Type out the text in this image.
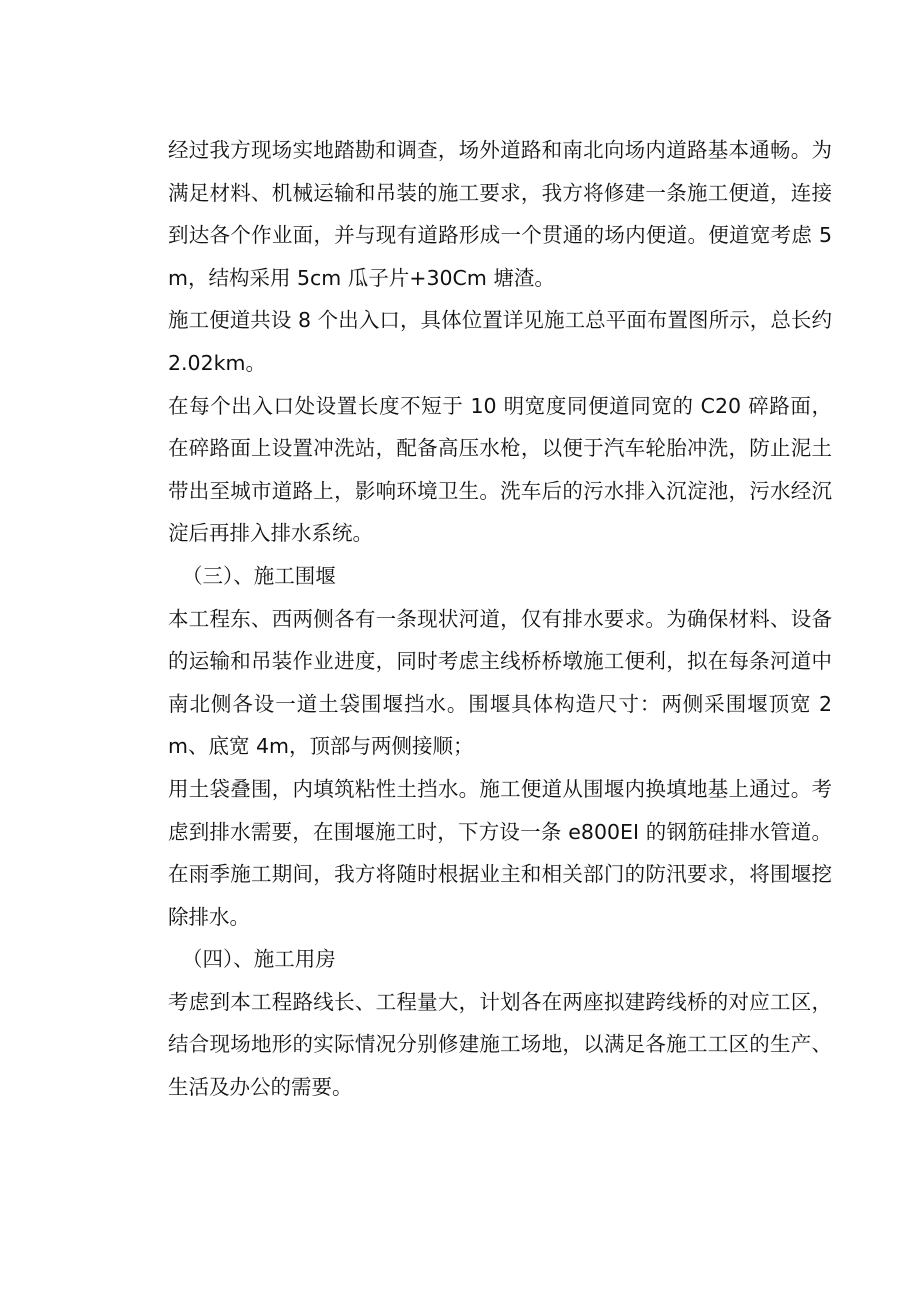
经过我方现场实地踏勘和调查，场外道路和南北向场内道路基本通畅。为满足材料、机械运输和吊装的施工要求，我方将修建一条施工便道，连接到达各个作业面，并与现有道路形成一个贯通的场内便道。便道宽考虑 5m，结构采用 5cm 瓜子片+30Cm 塘渣。

施工便道共设 8 个出入口，具体位置详见施工总平面布置图所示，总长约 2.02km。

在每个出入口处设置长度不短于 10 明宽度同便道同宽的 C20 碎路面，在碎路面上设置冲洗站，配备高压水枪，以便于汽车轮胎冲洗，防止泥土带出至城市道路上，影响环境卫生。洗车后的污水排入沉淀池，污水经沉淀后再排入排水系统。

（三）、施工围堰

本工程东、西两侧各有一条现状河道，仅有排水要求。为确保材料、设备的运输和吊装作业进度，同时考虑主线桥桥墩施工便利，拟在每条河道中南北侧各设一道土袋围堰挡水。围堰具体构造尺寸：两侧采围堰顶宽 2m、底宽 4m，顶部与两侧接顺；

用土袋叠围，内填筑粘性土挡水。施工便道从围堰内换填地基上通过。考虑到排水需要，在围堰施工时，下方设一条 e800EI 的钢筋硅排水管道。在雨季施工期间，我方将随时根据业主和相关部门的防汛要求，将围堰挖除排水。

（四）、施工用房

考虑到本工程路线长、工程量大，计划各在两座拟建跨线桥的对应工区，结合现场地形的实际情况分别修建施工场地，以满足各施工工区的生产、生活及办公的需要。
